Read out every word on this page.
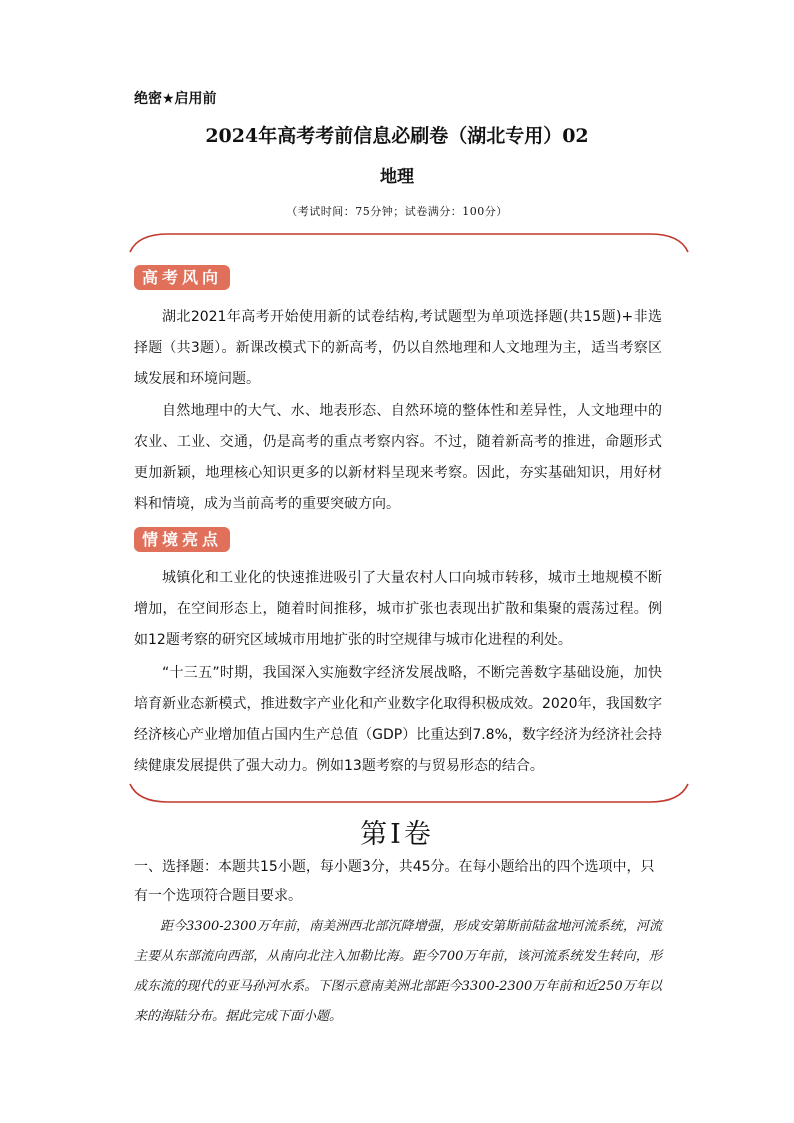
绝密★启用前
2024年高考考前信息必刷卷（湖北专用）02
地理
（考试时间：75分钟；试卷满分：100分）
高考风向

湖北2021年高考开始使用新的试卷结构,考试题型为单项选择题(共15题)+非选择题（共3题）。新课改模式下的新高考，仍以自然地理和人文地理为主，适当考察区域发展和环境问题。

自然地理中的大气、水、地表形态、自然环境的整体性和差异性，人文地理中的农业、工业、交通，仍是高考的重点考察内容。不过，随着新高考的推进，命题形式更加新颖，地理核心知识更多的以新材料呈现来考察。因此，夯实基础知识，用好材料和情境，成为当前高考的重要突破方向。

情境亮点

城镇化和工业化的快速推进吸引了大量农村人口向城市转移，城市土地规模不断增加，在空间形态上，随着时间推移，城市扩张也表现出扩散和集聚的震荡过程。例如12题考察的研究区域城市用地扩张的时空规律与城市化进程的利处。

“十三五”时期，我国深入实施数字经济发展战略，不断完善数字基础设施，加快培育新业态新模式，推进数字产业化和产业数字化取得积极成效。2020年，我国数字经济核心产业增加值占国内生产总值（GDP）比重达到7.8%，数字经济为经济社会持续健康发展提供了强大动力。例如13题考察的与贸易形态的结合。

第Ⅰ卷

一、选择题：本题共15小题，每小题3分，共45分。在每小题给出的四个选项中，只有一个选项符合题目要求。

距今3300-2300万年前，南美洲西北部沉降增强，形成安第斯前陆盆地河流系统，河流主要从东部流向西部，从南向北注入加勒比海。距今700万年前，该河流系统发生转向，形成东流的现代的亚马孙河水系。下图示意南美洲北部距今3300-2300万年前和近250万年以来的海陆分布。据此完成下面小题。
